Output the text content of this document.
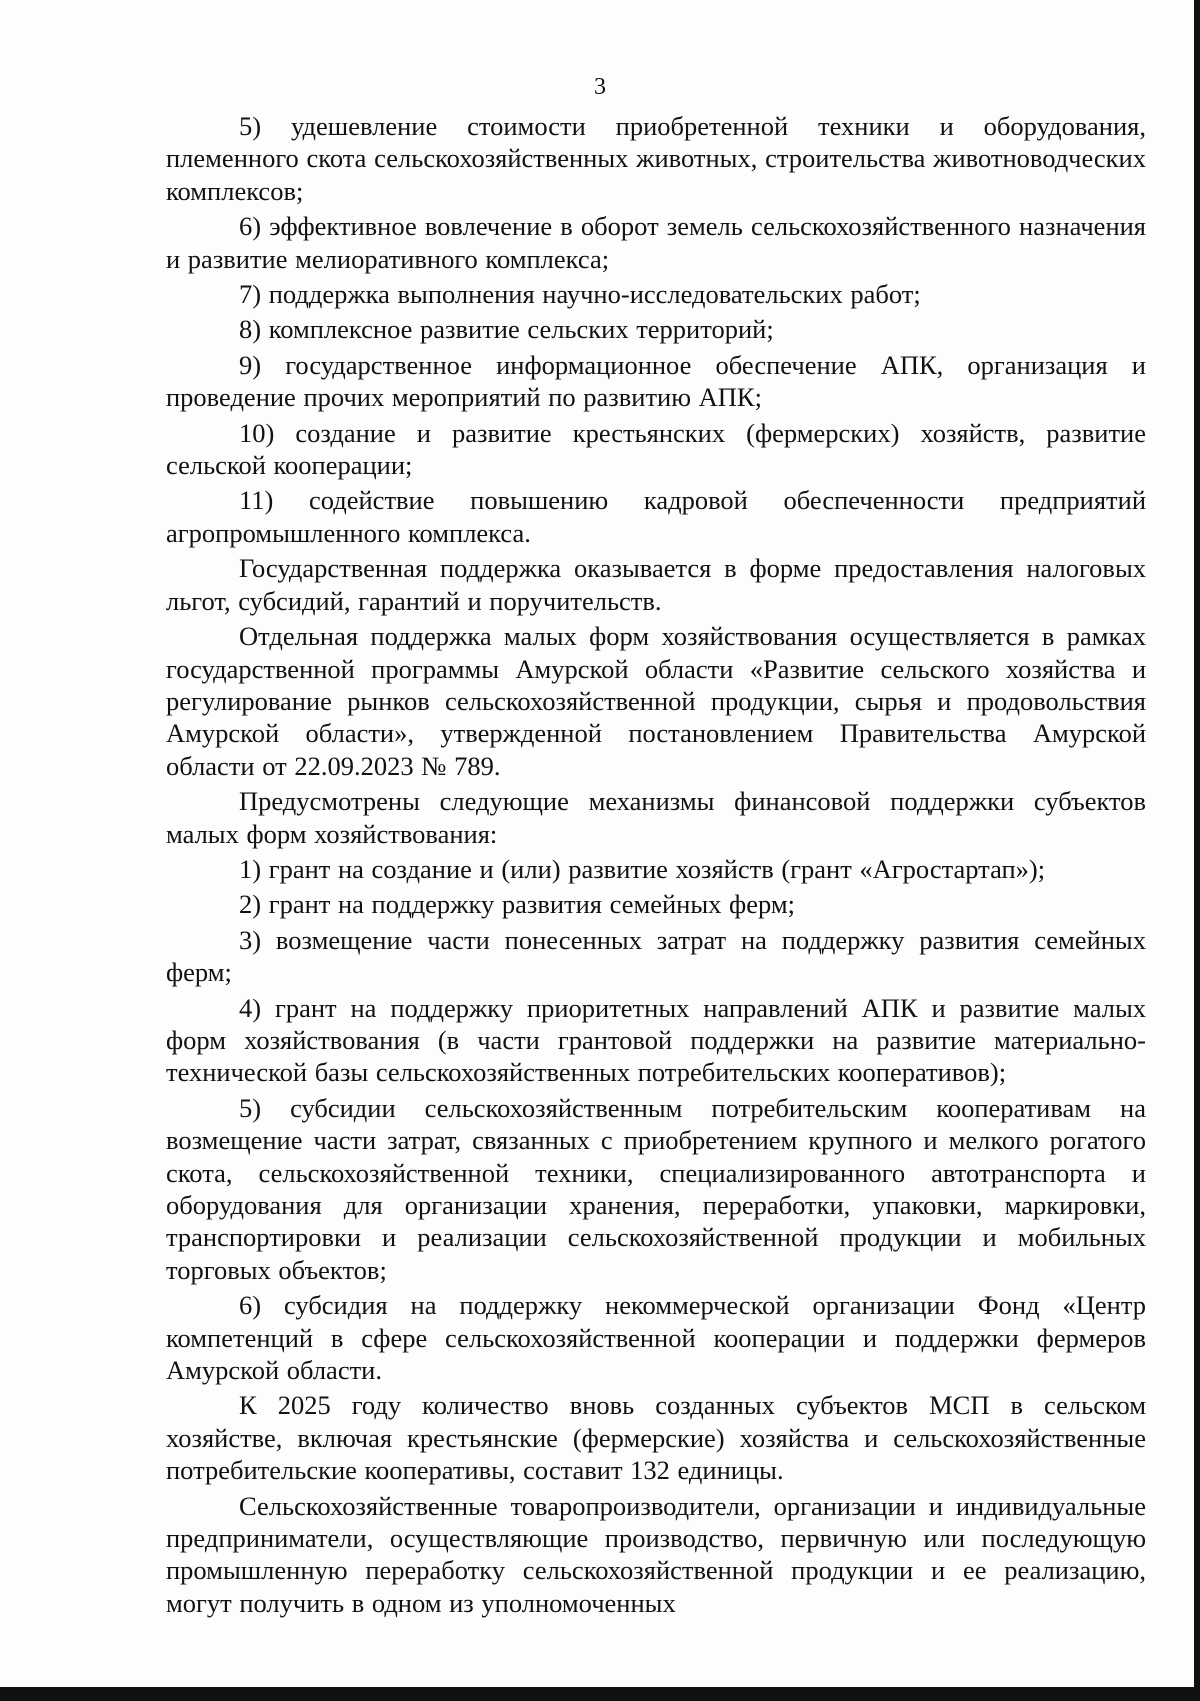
3

5) удешевление стоимости приобретенной техники и оборудования, племенного скота сельскохозяйственных животных, строительства животноводческих комплексов;

6) эффективное вовлечение в оборот земель сельскохозяйственного назначения и развитие мелиоративного комплекса;

7) поддержка выполнения научно-исследовательских работ;

8) комплексное развитие сельских территорий;

9) государственное информационное обеспечение АПК, организация и проведение прочих мероприятий по развитию АПК;

10) создание и развитие крестьянских (фермерских) хозяйств, развитие сельской кооперации;

11) содействие повышению кадровой обеспеченности предприятий агропромышленного комплекса.

Государственная поддержка оказывается в форме предоставления налоговых льгот, субсидий, гарантий и поручительств.

Отдельная поддержка малых форм хозяйствования осуществляется в рамках государственной программы Амурской области «Развитие сельского хозяйства и регулирование рынков сельскохозяйственной продукции, сырья и продовольствия Амурской области», утвержденной постановлением Правительства Амурской области от 22.09.2023 № 789.

Предусмотрены следующие механизмы финансовой поддержки субъектов малых форм хозяйствования:

1) грант на создание и (или) развитие хозяйств (грант «Агростартап»);

2) грант на поддержку развития семейных ферм;

3) возмещение части понесенных затрат на поддержку развития семейных ферм;

4) грант на поддержку приоритетных направлений АПК и развитие малых форм хозяйствования (в части грантовой поддержки на развитие материально-технической базы сельскохозяйственных потребительских кооперативов);

5) субсидии сельскохозяйственным потребительским кооперативам на возмещение части затрат, связанных с приобретением крупного и мелкого рогатого скота, сельскохозяйственной техники, специализированного автотранспорта и оборудования для организации хранения, переработки, упаковки, маркировки, транспортировки и реализации сельскохозяйственной продукции и мобильных торговых объектов;

6) субсидия на поддержку некоммерческой организации Фонд «Центр компетенций в сфере сельскохозяйственной кооперации и поддержки фермеров Амурской области.

К 2025 году количество вновь созданных субъектов МСП в сельском хозяйстве, включая крестьянские (фермерские) хозяйства и сельскохозяйственные потребительские кооперативы, составит 132 единицы.

Сельскохозяйственные товаропроизводители, организации и индивидуальные предприниматели, осуществляющие производство, первичную или последующую промышленную переработку сельскохозяйственной продукции и ее реализацию, могут получить в одном из уполномоченных
